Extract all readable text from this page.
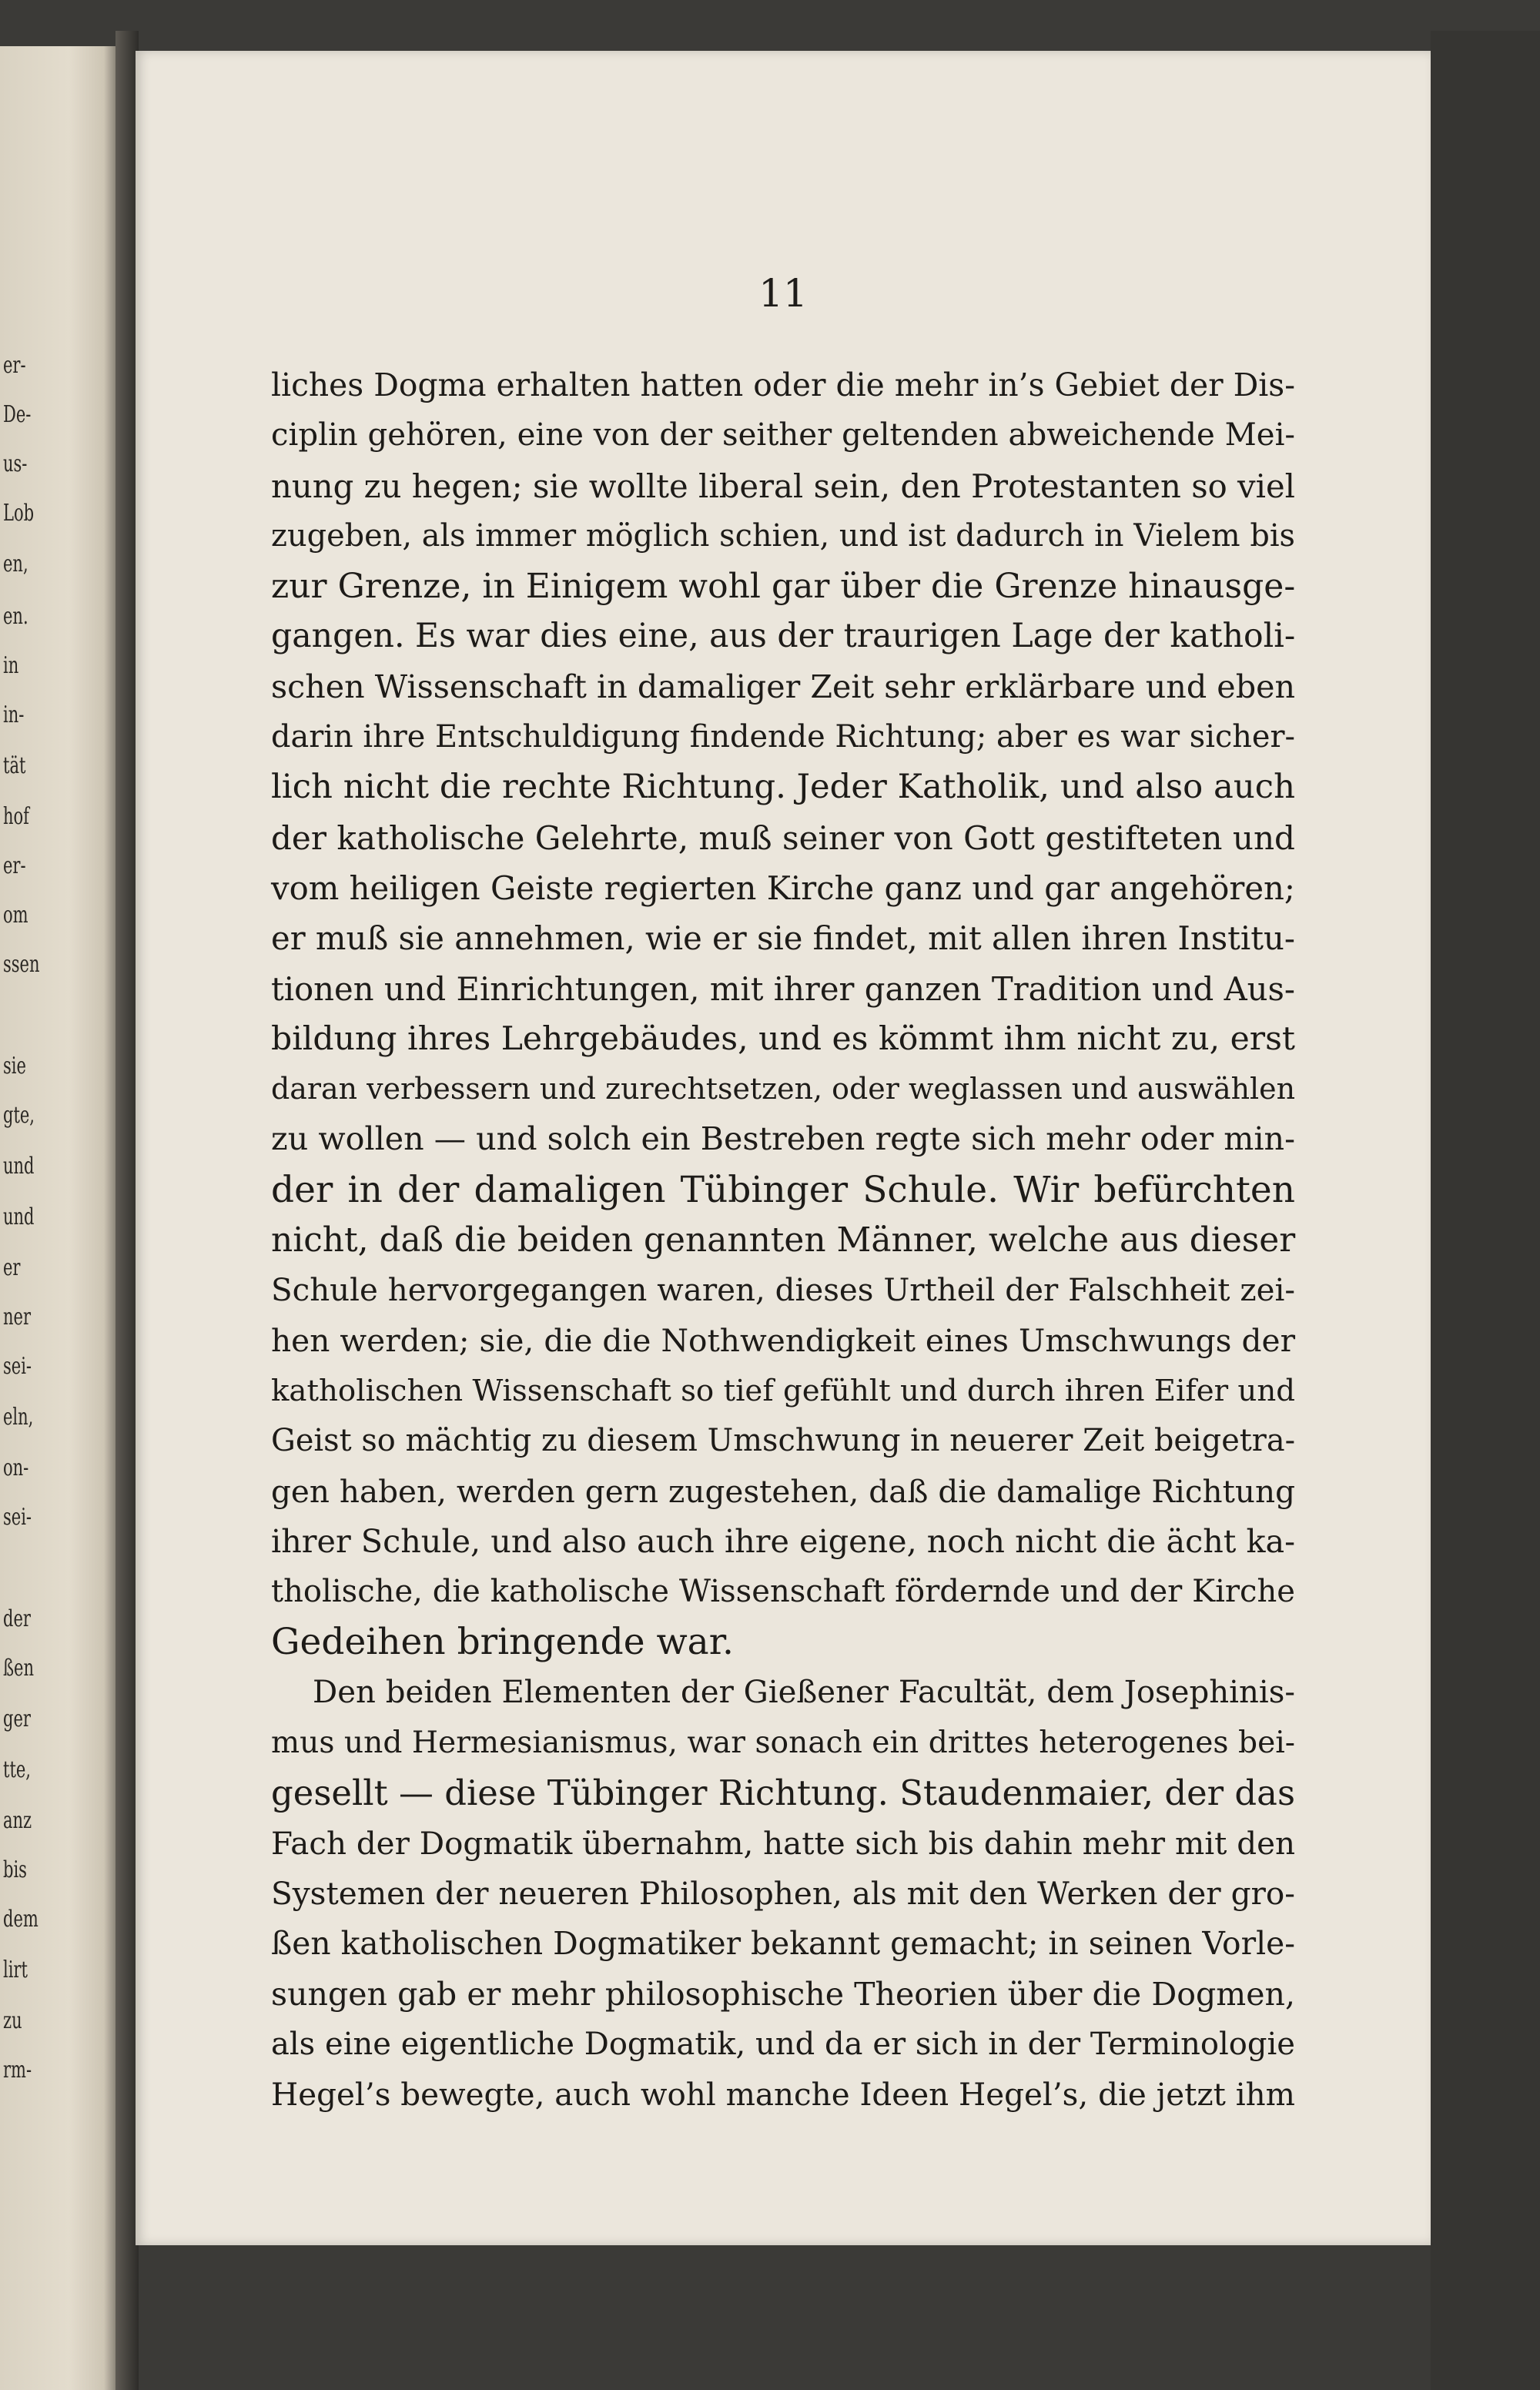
er-
De-
us-
Lob
en,
en.
in
in-
tät
hof
er-
om
ssen
sie
gte,
und
und
er
ner
sei-
eln,
on-
sei-
der
ßen
ger
tte,
anz
bis
dem
lirt
zu
rm-
11
liches Dogma erhalten hatten oder die mehr in’s Gebiet der Dis-
ciplin gehören, eine von der seither geltenden abweichende Mei-
nung zu hegen; sie wollte liberal sein, den Protestanten so viel
zugeben, als immer möglich schien, und ist dadurch in Vielem bis
zur Grenze, in Einigem wohl gar über die Grenze hinausge-
gangen. Es war dies eine, aus der traurigen Lage der katholi-
schen Wissenschaft in damaliger Zeit sehr erklärbare und eben
darin ihre Entschuldigung findende Richtung; aber es war sicher-
lich nicht die rechte Richtung. Jeder Katholik, und also auch
der katholische Gelehrte, muß seiner von Gott gestifteten und
vom heiligen Geiste regierten Kirche ganz und gar angehören;
er muß sie annehmen, wie er sie findet, mit allen ihren Institu-
tionen und Einrichtungen, mit ihrer ganzen Tradition und Aus-
bildung ihres Lehrgebäudes, und es kömmt ihm nicht zu, erst
daran verbessern und zurechtsetzen, oder weglassen und auswählen
zu wollen — und solch ein Bestreben regte sich mehr oder min-
der in der damaligen Tübinger Schule. Wir befürchten
nicht, daß die beiden genannten Männer, welche aus dieser
Schule hervorgegangen waren, dieses Urtheil der Falschheit zei-
hen werden; sie, die die Nothwendigkeit eines Umschwungs der
katholischen Wissenschaft so tief gefühlt und durch ihren Eifer und
Geist so mächtig zu diesem Umschwung in neuerer Zeit beigetra-
gen haben, werden gern zugestehen, daß die damalige Richtung
ihrer Schule, und also auch ihre eigene, noch nicht die ächt ka-
tholische, die katholische Wissenschaft fördernde und der Kirche
Gedeihen bringende war.
Den beiden Elementen der Gießener Facultät, dem Josephinis-
mus und Hermesianismus, war sonach ein drittes heterogenes bei-
gesellt — diese Tübinger Richtung. Staudenmaier, der das
Fach der Dogmatik übernahm, hatte sich bis dahin mehr mit den
Systemen der neueren Philosophen, als mit den Werken der gro-
ßen katholischen Dogmatiker bekannt gemacht; in seinen Vorle-
sungen gab er mehr philosophische Theorien über die Dogmen,
als eine eigentliche Dogmatik, und da er sich in der Terminologie
Hegel’s bewegte, auch wohl manche Ideen Hegel’s, die jetzt ihm
